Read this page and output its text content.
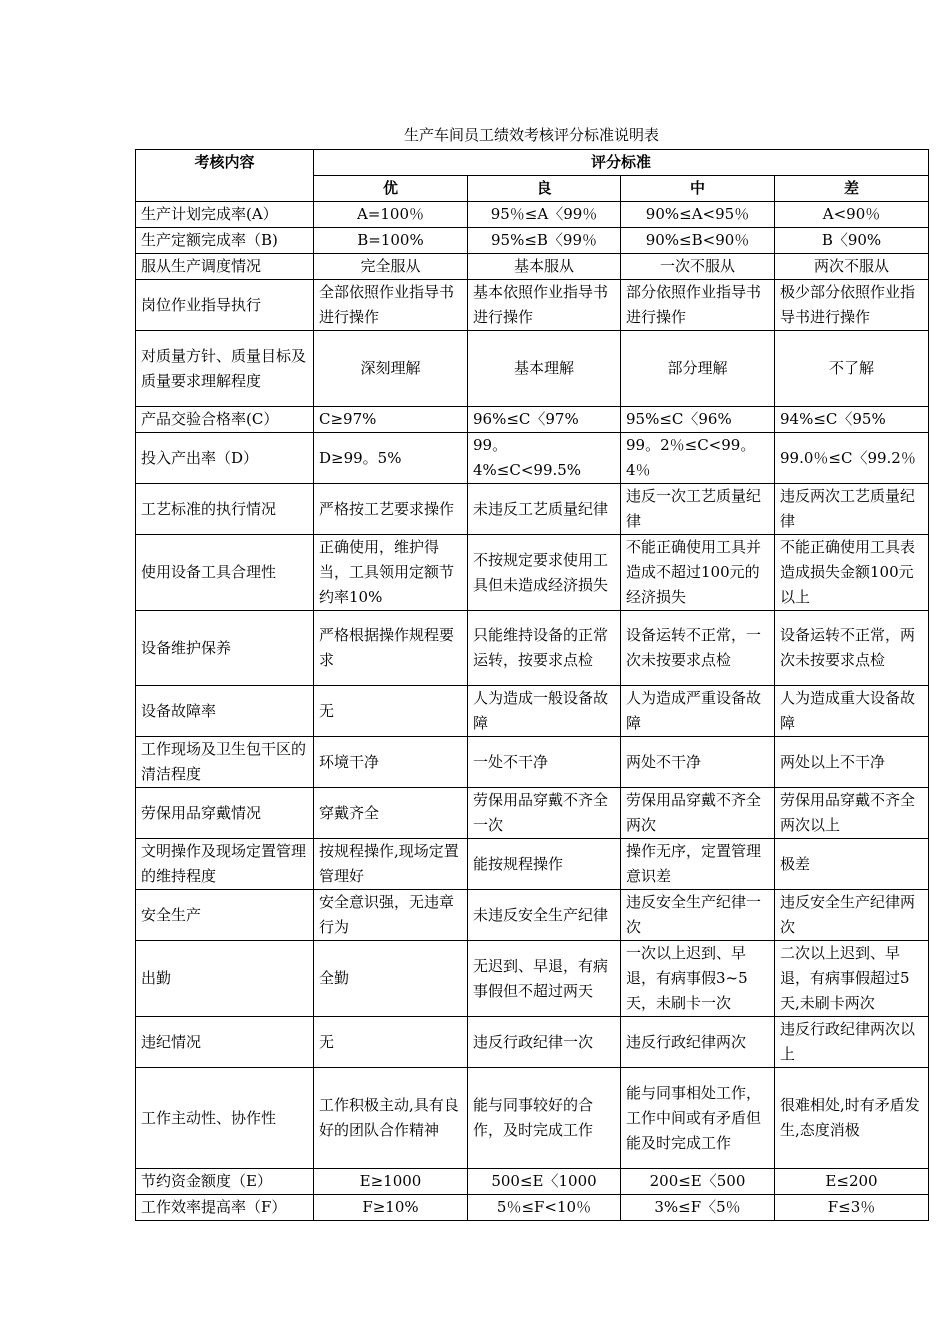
生产车间员工绩效考核评分标准说明表
考核内容	评分标准			
	优	良	中	差
生产计划完成率(A）	A=100％	95％≤A〈99％	90%≤A<95％	A<90％
生产定额完成率（B)	B=100%	95%≤B〈99％	90%≤B<90％	B〈90%
服从生产调度情况	完全服从	基本服从	一次不服从	两次不服从
岗位作业指导执行	全部依照作业指导书进行操作	基本依照作业指导书进行操作	部分依照作业指导书进行操作	极少部分依照作业指导书进行操作
对质量方针、质量目标及质量要求理解程度	深刻理解	基本理解	部分理解	不了解
产品交验合格率(C）	C≥97%	96%≤C〈97%	95%≤C〈96%	94%≤C〈95%
投入产出率（D）	D≥99。5%	99。4%≤C<99.5%	99。2％≤C<99。4％	99.0％≤C〈99.2％
工艺标准的执行情况	严格按工艺要求操作	未违反工艺质量纪律	违反一次工艺质量纪律	违反两次工艺质量纪律
使用设备工具合理性	正确使用，维护得当，工具领用定额节约率10%	不按规定要求使用工具但未造成经济损失	不能正确使用工具并造成不超过100元的经济损失	不能正确使用工具表造成损失金额100元以上
设备维护保养	严格根据操作规程要求	只能维持设备的正常运转，按要求点检	设备运转不正常，一次未按要求点检	设备运转不正常，两次未按要求点检
设备故障率	无	人为造成一般设备故障	人为造成严重设备故障	人为造成重大设备故障
工作现场及卫生包干区的清洁程度	环境干净	一处不干净	两处不干净	两处以上不干净
劳保用品穿戴情况	穿戴齐全	劳保用品穿戴不齐全一次	劳保用品穿戴不齐全两次	劳保用品穿戴不齐全两次以上
文明操作及现场定置管理的维持程度	按规程操作,现场定置管理好	能按规程操作	操作无序，定置管理意识差	极差
安全生产	安全意识强，无违章行为	未违反安全生产纪律	违反安全生产纪律一次	违反安全生产纪律两次
出勤	全勤	无迟到、早退，有病事假但不超过两天	一次以上迟到、早退，有病事假3~5天，未刷卡一次	二次以上迟到、早退，有病事假超过5天,未刷卡两次
违纪情况	无	违反行政纪律一次	违反行政纪律两次	违反行政纪律两次以上
工作主动性、协作性	工作积极主动,具有良好的团队合作精神	能与同事较好的合作，及时完成工作	能与同事相处工作，工作中间或有矛盾但能及时完成工作	很难相处,时有矛盾发生,态度消极
节约资金额度（E）	E≥1000	500≤E〈1000	200≤E〈500	E≤200
工作效率提高率（F）	F≥10%	5％≤F<10％	3%≤F〈5％	F≤3％
